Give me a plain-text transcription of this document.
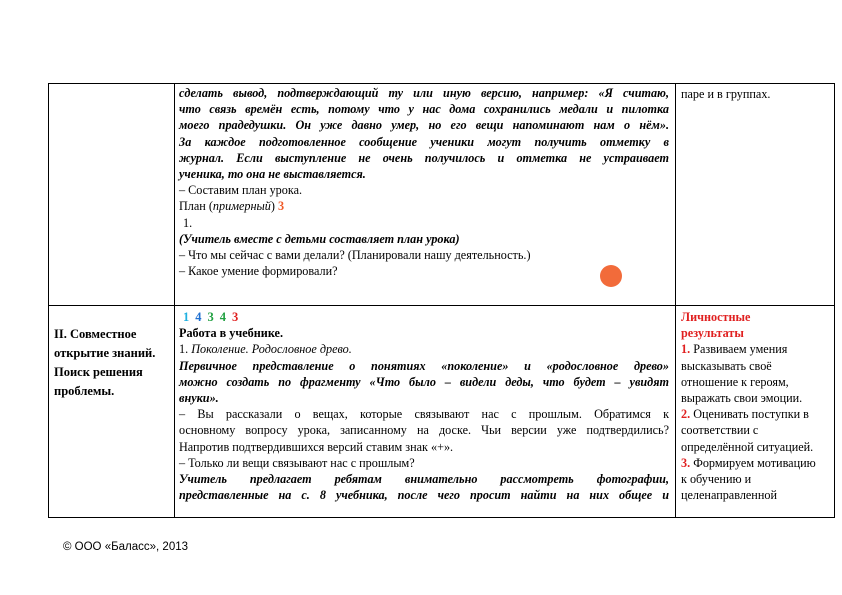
сделать вывод, подтверждающий ту или иную версию, например: «Я считаю,

что связь времён есть, потому что у нас дома сохранились медали и пилотка

моего прадедушки. Он уже давно умер, но его вещи напоминают нам о нём».

За каждое подготовленное сообщение ученики могут получить отметку в

журнал. Если выступление не очень получилось и отметка не устраивает

ученика, то она не выставляется.

– Составим план урока.

План (примерный) 3

1.

(Учитель вместе с детьми составляет план урока)

– Что мы сейчас с вами делали? (Планировали нашу деятельность.)

– Какое умение формировали?

паре и в группах.

II. Совместное

открытие знаний.

Поиск решения

проблемы.

1 4 3 4 3

Работа в учебнике.

1. Поколение. Родословное древо.

Первичное представление о понятиях «поколение» и «родословное древо»

можно создать по фрагменту «Что было – видели деды, что будет – увидят

внуки».

– Вы рассказали о вещах, которые связывают нас с прошлым. Обратимся к

основному вопросу урока, записанному на доске. Чьи версии уже подтвердились?

Напротив подтвердившихся версий ставим знак «+».

– Только ли вещи связывают нас с прошлым?

Учитель предлагает ребятам внимательно рассмотреть фотографии,

представленные на с. 8 учебника, после чего просит найти на них общее и

Личностные

результаты

1. Развиваем умения

высказывать своё

отношение к героям,

выражать свои эмоции.

2. Оценивать поступки в

соответствии с

определённой ситуацией.

3. Формируем мотивацию

к обучению и

целенаправленной

© ООО «Баласс», 2013
